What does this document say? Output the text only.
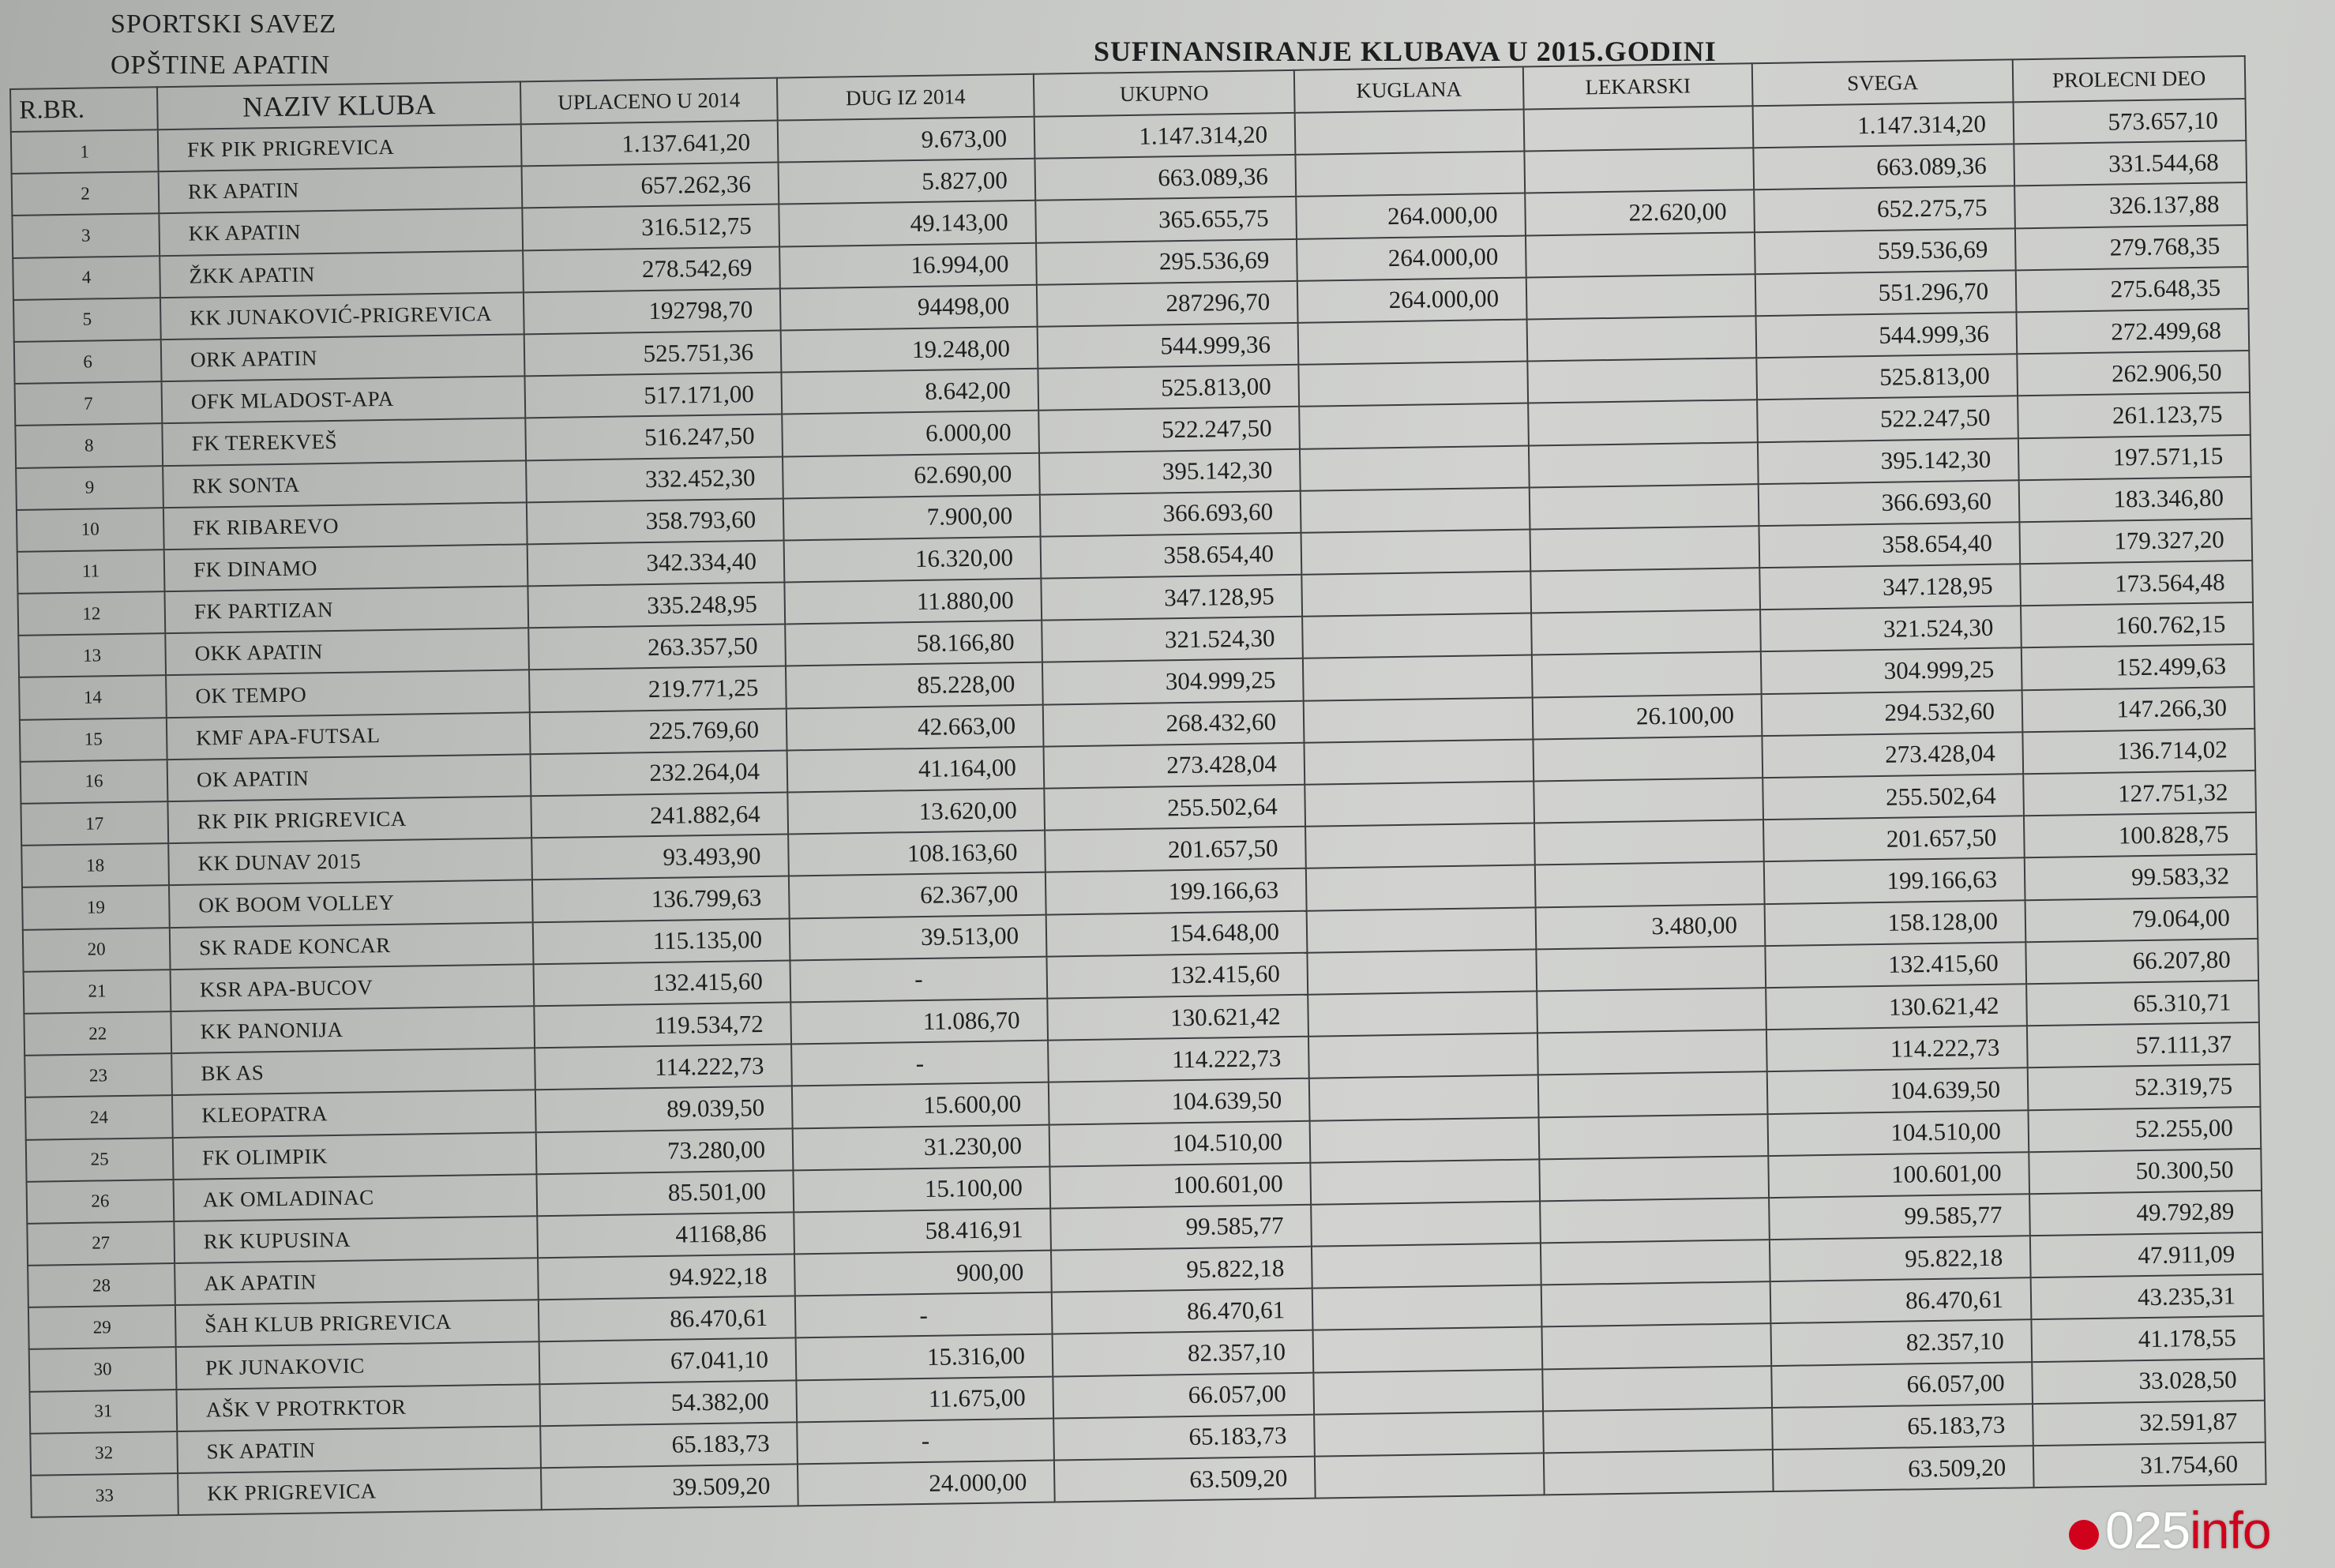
SPORTSKI SAVEZ
OPŠTINE APATIN	SUFINANSIRANJE KLUBAVA U 2015.GODINI
R.BR.	NAZIV KLUBA	UPLACENO U 2014	DUG IZ 2014	UKUPNO	KUGLANA	LEKARSKI	SVEGA	PROLECNI DEO
1	FK PIK PRIGREVICA	1.137.641,20	9.673,00	1.147.314,20			1.147.314,20	573.657,10
2	RK APATIN	657.262,36	5.827,00	663.089,36			663.089,36	331.544,68
3	KK APATIN	316.512,75	49.143,00	365.655,75	264.000,00	22.620,00	652.275,75	326.137,88
4	ŽKK APATIN	278.542,69	16.994,00	295.536,69	264.000,00		559.536,69	279.768,35
5	KK JUNAKOVIĆ-PRIGREVICA	192798,70	94498,00	287296,70	264.000,00		551.296,70	275.648,35
6	ORK APATIN	525.751,36	19.248,00	544.999,36			544.999,36	272.499,68
7	OFK MLADOST-APA	517.171,00	8.642,00	525.813,00			525.813,00	262.906,50
8	FK TEREKVEŠ	516.247,50	6.000,00	522.247,50			522.247,50	261.123,75
9	RK SONTA	332.452,30	62.690,00	395.142,30			395.142,30	197.571,15
10	FK RIBAREVO	358.793,60	7.900,00	366.693,60			366.693,60	183.346,80
11	FK DINAMO	342.334,40	16.320,00	358.654,40			358.654,40	179.327,20
12	FK PARTIZAN	335.248,95	11.880,00	347.128,95			347.128,95	173.564,48
13	OKK APATIN	263.357,50	58.166,80	321.524,30			321.524,30	160.762,15
14	OK TEMPO	219.771,25	85.228,00	304.999,25			304.999,25	152.499,63
15	KMF APA-FUTSAL	225.769,60	42.663,00	268.432,60		26.100,00	294.532,60	147.266,30
16	OK APATIN	232.264,04	41.164,00	273.428,04			273.428,04	136.714,02
17	RK PIK PRIGREVICA	241.882,64	13.620,00	255.502,64			255.502,64	127.751,32
18	KK DUNAV 2015	93.493,90	108.163,60	201.657,50			201.657,50	100.828,75
19	OK BOOM VOLLEY	136.799,63	62.367,00	199.166,63			199.166,63	99.583,32
20	SK RADE KONCAR	115.135,00	39.513,00	154.648,00		3.480,00	158.128,00	79.064,00
21	KSR APA-BUCOV	132.415,60	-	132.415,60			132.415,60	66.207,80
22	KK PANONIJA	119.534,72	11.086,70	130.621,42			130.621,42	65.310,71
23	BK AS	114.222,73	-	114.222,73			114.222,73	57.111,37
24	KLEOPATRA	89.039,50	15.600,00	104.639,50			104.639,50	52.319,75
25	FK OLIMPIK	73.280,00	31.230,00	104.510,00			104.510,00	52.255,00
26	AK OMLADINAC	85.501,00	15.100,00	100.601,00			100.601,00	50.300,50
27	RK KUPUSINA	41168,86	58.416,91	99.585,77			99.585,77	49.792,89
28	AK APATIN	94.922,18	900,00	95.822,18			95.822,18	47.911,09
29	ŠAH KLUB PRIGREVICA	86.470,61	-	86.470,61			86.470,61	43.235,31
30	PK JUNAKOVIC	67.041,10	15.316,00	82.357,10			82.357,10	41.178,55
31	AŠK V PROTRKTOR	54.382,00	11.675,00	66.057,00			66.057,00	33.028,50
32	SK APATIN	65.183,73	-	65.183,73			65.183,73	32.591,87
33	KK PRIGREVICA	39.509,20	24.000,00	63.509,20			63.509,20	31.754,60
025info
